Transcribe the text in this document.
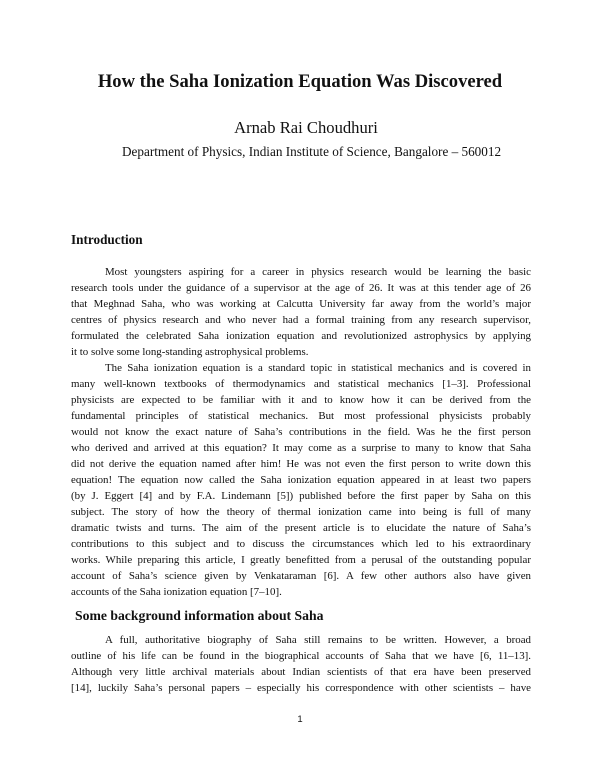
How the Saha Ionization Equation Was Discovered

Arnab Rai Choudhuri

Department of Physics, Indian Institute of Science, Bangalore – 560012

Introduction

Most youngsters aspiring for a career in physics research would be learning the basic
research tools under the guidance of a supervisor at the age of 26. It was at this tender age of 26
that Meghnad Saha, who was working at Calcutta University far away from the world’s major
centres of physics research and who never had a formal training from any research supervisor,
formulated the celebrated Saha ionization equation and revolutionized astrophysics by applying
it to solve some long-standing astrophysical problems.

The Saha ionization equation is a standard topic in statistical mechanics and is covered in
many well-known textbooks of thermodynamics and statistical mechanics [1–3]. Professional
physicists are expected to be familiar with it and to know how it can be derived from the
fundamental principles of statistical mechanics. But most professional physicists probably
would not know the exact nature of Saha’s contributions in the field. Was he the first person
who derived and arrived at this equation? It may come as a surprise to many to know that Saha
did not derive the equation named after him! He was not even the first person to write down this
equation! The equation now called the Saha ionization equation appeared in at least two papers
(by J. Eggert [4] and by F.A. Lindemann [5]) published before the first paper by Saha on this
subject. The story of how the theory of thermal ionization came into being is full of many
dramatic twists and turns. The aim of the present article is to elucidate the nature of Saha’s
contributions to this subject and to discuss the circumstances which led to his extraordinary
works. While preparing this article, I greatly benefitted from a perusal of the outstanding popular
account of Saha’s science given by Venkataraman [6]. A few other authors also have given
accounts of the Saha ionization equation [7–10].

Some background information about Saha

A full, authoritative biography of Saha still remains to be written. However, a broad
outline of his life can be found in the biographical accounts of Saha that we have [6, 11–13].
Although very little archival materials about Indian scientists of that era have been preserved
[14], luckily Saha’s personal papers – especially his correspondence with other scientists – have

1
